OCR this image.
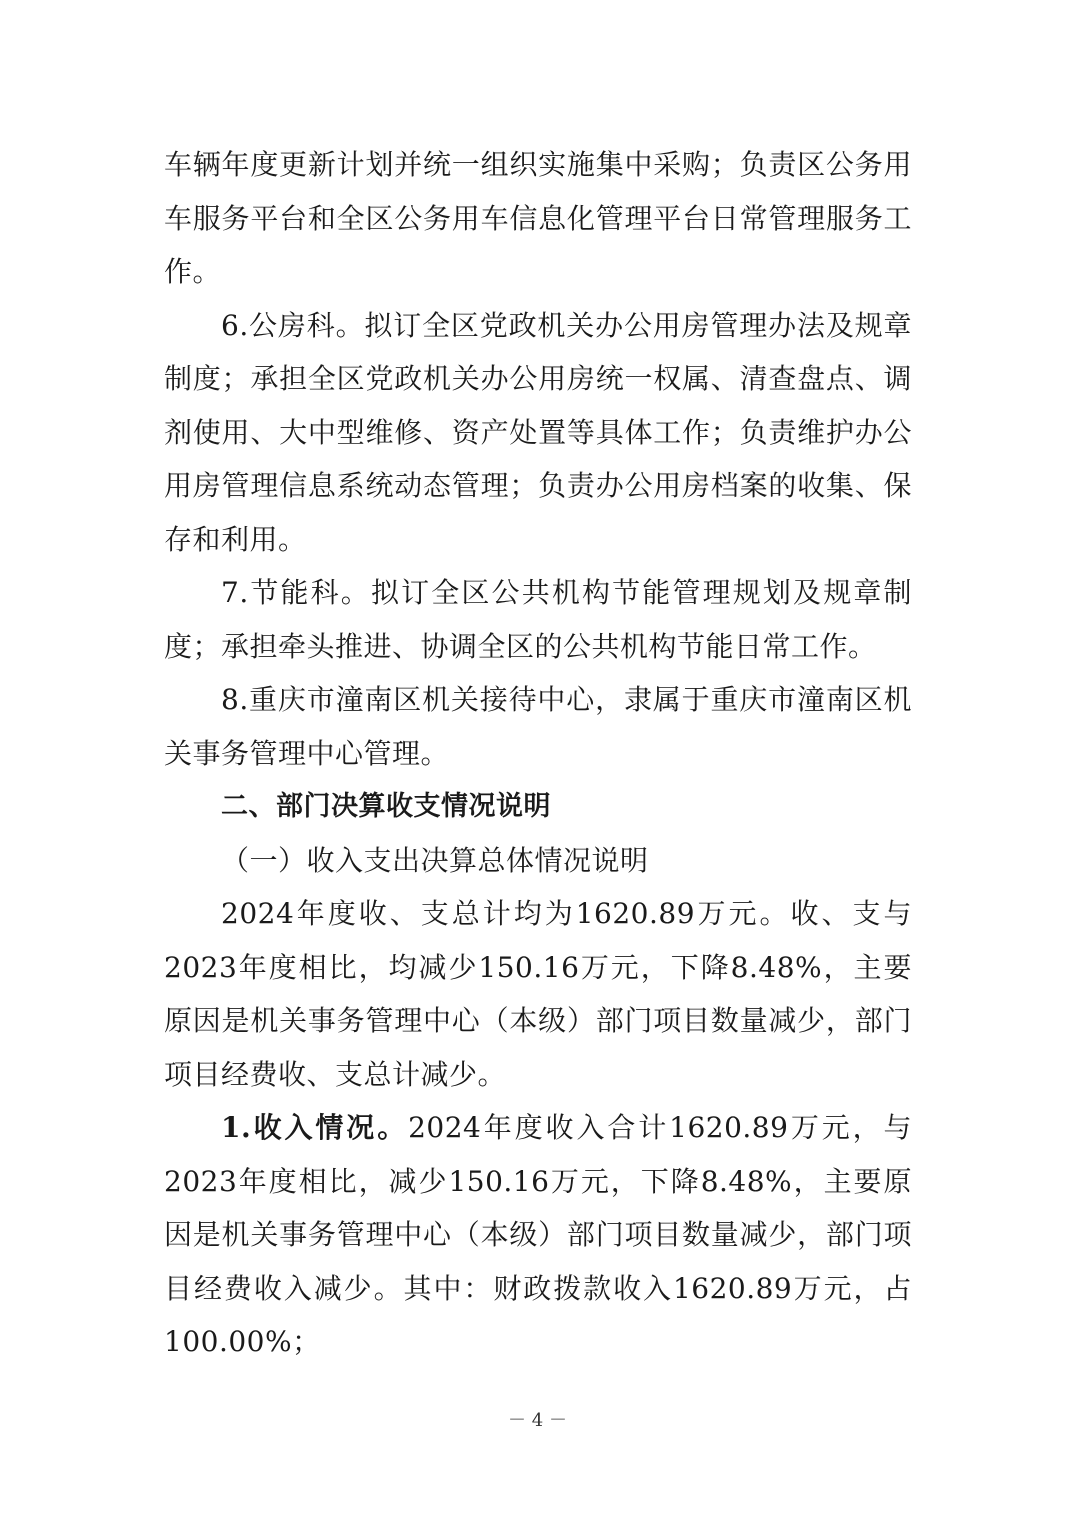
车辆年度更新计划并统一组织实施集中采购；负责区公务用车服务平台和全区公务用车信息化管理平台日常管理服务工作。

6.公房科。拟订全区党政机关办公用房管理办法及规章制度；承担全区党政机关办公用房统一权属、清查盘点、调剂使用、大中型维修、资产处置等具体工作；负责维护办公用房管理信息系统动态管理；负责办公用房档案的收集、保存和利用。

7.节能科。拟订全区公共机构节能管理规划及规章制度；承担牵头推进、协调全区的公共机构节能日常工作。

8.重庆市潼南区机关接待中心，隶属于重庆市潼南区机关事务管理中心管理。

二、部门决算收支情况说明

（一）收入支出决算总体情况说明

2024年度收、支总计均为1620.89万元。收、支与2023年度相比，均减少150.16万元，下降8.48%，主要原因是机关事务管理中心（本级）部门项目数量减少，部门项目经费收、支总计减少。

1.收入情况。2024年度收入合计1620.89万元，与2023年度相比，减少150.16万元，下降8.48%，主要原因是机关事务管理中心（本级）部门项目数量减少，部门项目经费收入减少。其中：财政拨款收入1620.89万元，占100.00%；

－ 4 －
